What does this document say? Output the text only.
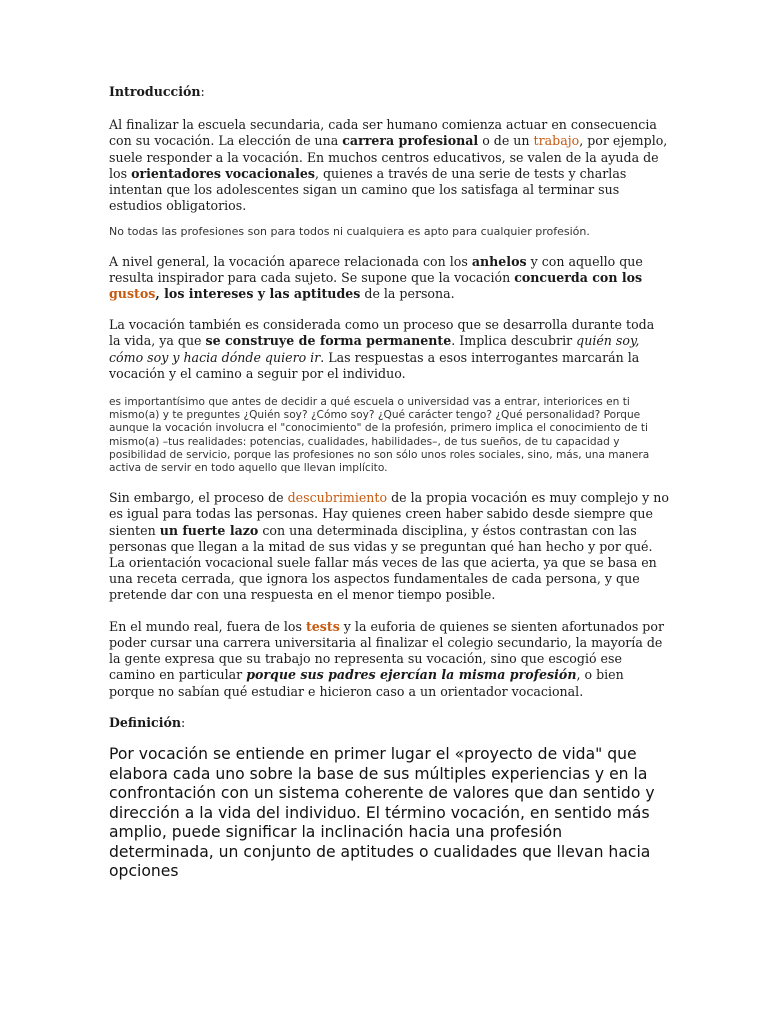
Introducción:

Al finalizar la escuela secundaria, cada ser humano comienza actuar en consecuencia con su vocación. La elección de una carrera profesional o de un trabajo, por ejemplo, suele responder a la vocación. En muchos centros educativos, se valen de la ayuda de los orientadores vocacionales, quienes a través de una serie de tests y charlas intentan que los adolescentes sigan un camino que los satisfaga al terminar sus estudios obligatorios.

No todas las profesiones son para todos ni cualquiera es apto para cualquier profesión.

A nivel general, la vocación aparece relacionada con los anhelos y con aquello que resulta inspirador para cada sujeto. Se supone que la vocación concuerda con los gustos, los intereses y las aptitudes de la persona.

La vocación también es considerada como un proceso que se desarrolla durante toda la vida, ya que se construye de forma permanente. Implica descubrir quién soy, cómo soy y hacia dónde quiero ir. Las respuestas a esos interrogantes marcarán la vocación y el camino a seguir por el individuo.

es importantísimo que antes de decidir a qué escuela o universidad vas a entrar, interiorices en ti mismo(a) y te preguntes ¿Quién soy? ¿Cómo soy? ¿Qué carácter tengo? ¿Qué personalidad? Porque aunque la vocación involucra el "conocimiento" de la profesión, primero implica el conocimiento de ti mismo(a) –tus realidades: potencias, cualidades, habilidades–, de tus sueños, de tu capacidad y posibilidad de servicio, porque las profesiones no son sólo unos roles sociales, sino, más, una manera activa de servir en todo aquello que llevan implícito.

Sin embargo, el proceso de descubrimiento de la propia vocación es muy complejo y no es igual para todas las personas. Hay quienes creen haber sabido desde siempre que sienten un fuerte lazo con una determinada disciplina, y éstos contrastan con las personas que llegan a la mitad de sus vidas y se preguntan qué han hecho y por qué. La orientación vocacional suele fallar más veces de las que acierta, ya que se basa en una receta cerrada, que ignora los aspectos fundamentales de cada persona, y que pretende dar con una respuesta en el menor tiempo posible.

En el mundo real, fuera de los tests y la euforia de quienes se sienten afortunados por poder cursar una carrera universitaria al finalizar el colegio secundario, la mayoría de la gente expresa que su trabajo no representa su vocación, sino que escogió ese camino en particular porque sus padres ejercían la misma profesión, o bien porque no sabían qué estudiar e hicieron caso a un orientador vocacional.

Definición:

Por vocación se entiende en primer lugar el «proyecto de vida" que elabora cada uno sobre la base de sus múltiples experiencias y en la confrontación con un sistema coherente de valores que dan sentido y dirección a la vida del individuo. El término vocación, en sentido más amplio, puede significar la inclinación hacia una profesión determinada, un conjunto de aptitudes o cualidades que llevan hacia opciones
